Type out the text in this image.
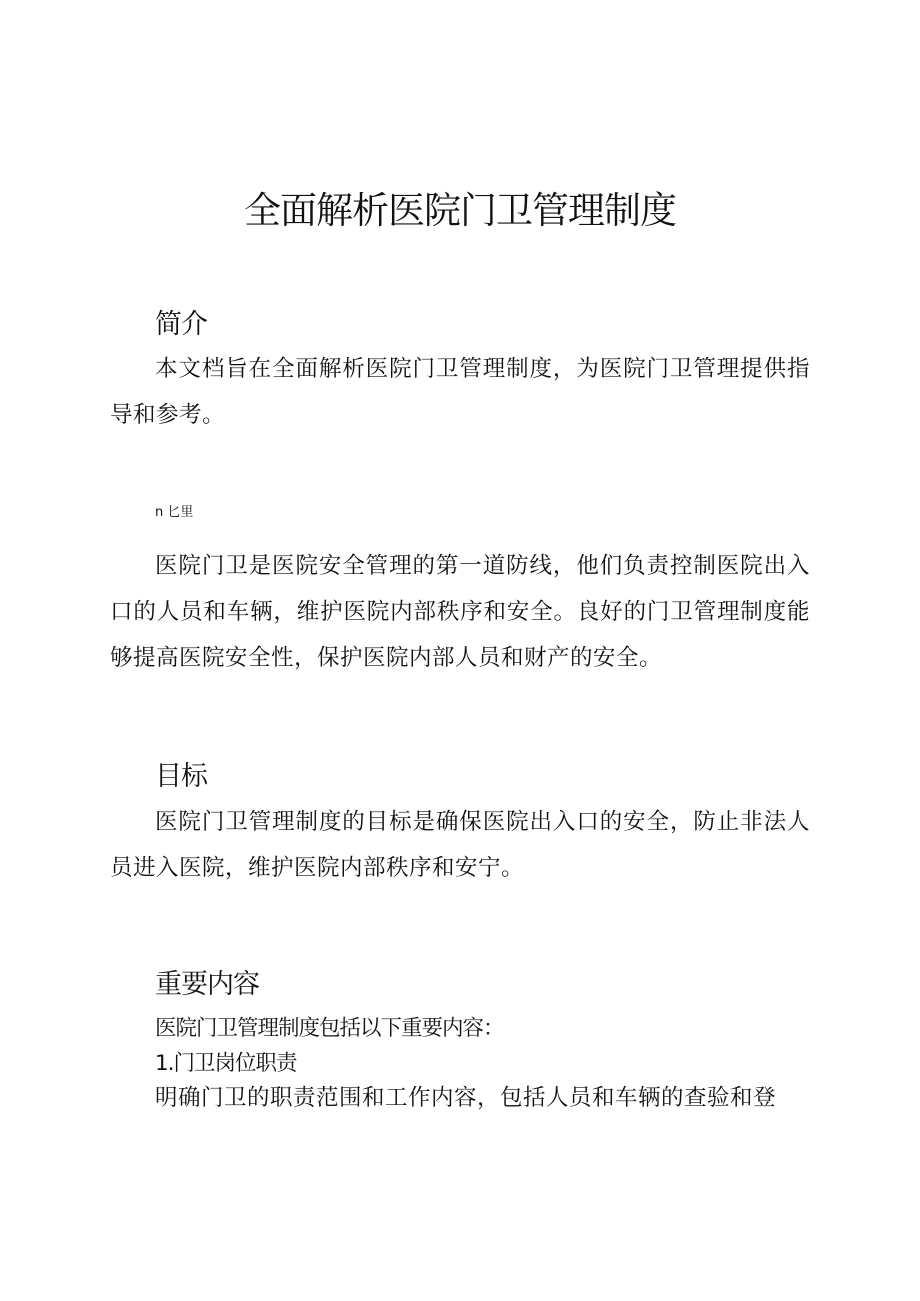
全面解析医院门卫管理制度
简介

本文档旨在全面解析医院门卫管理制度，为医院门卫管理提供指导和参考。

n 匕里

医院门卫是医院安全管理的第一道防线，他们负责控制医院出入口的人员和车辆，维护医院内部秩序和安全。良好的门卫管理制度能够提高医院安全性，保护医院内部人员和财产的安全。

目标

医院门卫管理制度的目标是确保医院出入口的安全，防止非法人员进入医院，维护医院内部秩序和安宁。

重要内容

医院门卫管理制度包括以下重要内容：

1.门卫岗位职责

明确门卫的职责范围和工作内容，包括人员和车辆的查验和登
